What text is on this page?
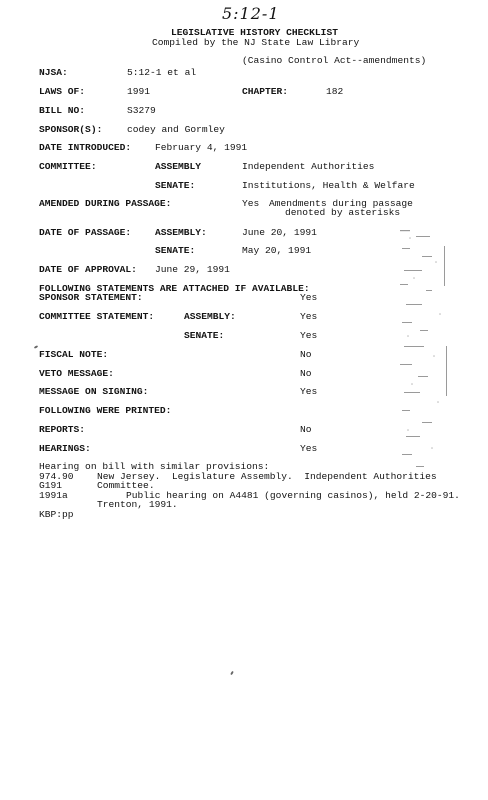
5:12-1
LEGISLATIVE HISTORY CHECKLIST
Compiled by the NJ State Law Library
(Casino Control Act--amendments)
NJSA:	5:12-1 et al
LAWS OF:	1991	CHAPTER:	182
BILL NO:	S3279
SPONSOR(S):	codey and Gormley
DATE INTRODUCED: February 4, 1991
COMMITTEE:	ASSEMBLY	Independent Authorities
SENATE:	Institutions, Health & Welfare
AMENDED DURING PASSAGE:	Yes Amendments during passage
denoted by asterisks
DATE OF PASSAGE: ASSEMBLY:	June 20, 1991
SENATE:	May 20, 1991
DATE OF APPROVAL: June 29, 1991
FOLLOWING STATEMENTS ARE ATTACHED IF AVAILABLE:
SPONSOR STATEMENT:	Yes
COMMITTEE STATEMENT:	ASSEMBLY:	Yes
SENATE:	Yes
FISCAL NOTE:	No
VETO MESSAGE:	No
MESSAGE ON SIGNING:	Yes
FOLLOWING WERE PRINTED:
REPORTS:	No
HEARINGS:	Yes
Hearing on bill with similar provisions:
974.90 New Jersey.  Legislature Assembly.  Independent Authorities
G191	Committee.
1991a	Public hearing on A4481 (governing casinos), held 2-20-91.
Trenton, 1991.
KBP:pp
